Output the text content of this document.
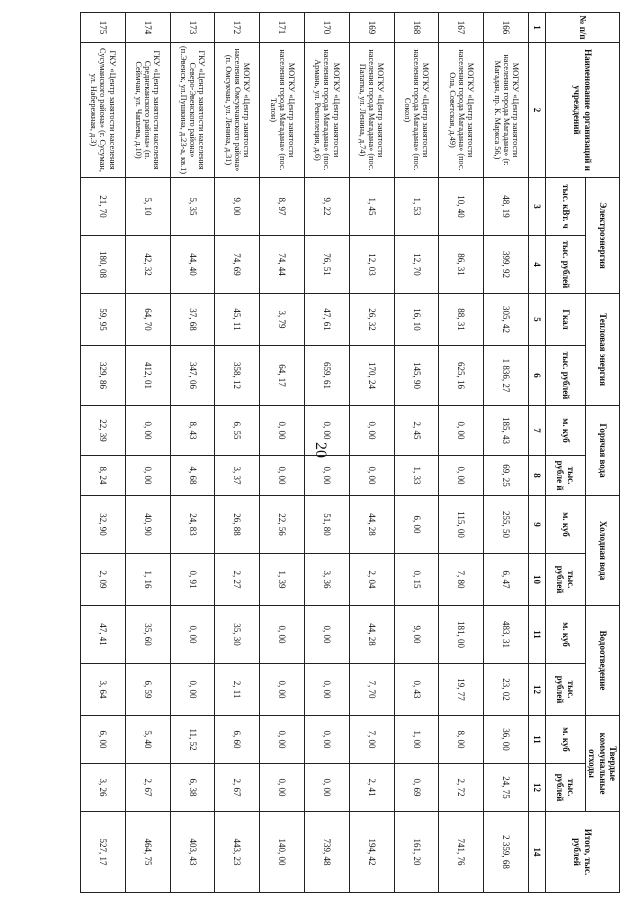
20
№ п/п	Наименование организаций и учреждений	Электроэнергия		Тепловая энергия		Горячая вода		Холодная вода		Водоотведение		Твердые коммунальные отходы		Итого, тыс. рублей
		тыс. кВт. ч	тыс. рублей	Гкал	тыс. рублей	м. куб	тыс. рубле й	м. куб	тыс. рублей	м. куб	тыс. рублей	м. куб	тыс. рублей	
1	2	3	4	5	6	7	8	9	10	11	12	11	12	14
166	МОГКУ «Центр занятости населения города Магадана» (г. Магадан, пр. К. Маркса 56,)	48, 19	399, 92	305, 42	1 836, 27	185, 43	69, 25	255, 50	6, 47	483, 31	23, 02	36, 00	24, 75	2 359, 68
167	МОГКУ «Центр занятости населения города Магадана» (пос. Ола, Советская, д.49)	10, 40	86, 31	88, 31	625, 16	0, 00	0, 00	115, 00	7, 80	181, 00	19, 77	8, 00	2, 72	741, 76
168	МОГКУ «Центр занятости населения города Магадана» (пос. Сокол)	1, 53	12, 70	16, 10	145, 90	2, 45	1, 33	6, 00	0, 15	9, 00	0, 43	1, 00	0, 69	161, 20
169	МОГКУ «Центр занятости населения города Магадана» (пос. Палатка, ул. Ленина, д.74)	1, 45	12, 03	26, 32	170, 24	0, 00	0, 00	44, 28	2, 04	44, 28	7, 70	7, 00	2, 41	194, 42
170	МОГКУ «Центр занятости населения города Магадана» (пос. Армань, ул. Рекоплеция, д.6)	9, 22	76, 51	47, 61	659, 61	0, 00	0, 00	51, 80	3, 36	0, 00	0, 00	0, 00	0, 00	739, 48
171	МОГКУ «Центр занятости населения города Магадана» (пос. Талон)	8, 97	74, 44	3, 79	64, 17	0, 00	0, 00	22, 56	1, 39	0, 00	0, 00	0, 00	0, 00	140, 00
172	МОГКУ «Центр занятости населения Омсукчанского района» (п. Омсукчан, ул. Ленина, д.31)	9, 00	74, 69	45, 11	358, 12	6, 55	3, 37	26, 88	2, 27	35, 30	2, 11	6, 60	2, 67	443, 23
173	ГКУ «Центр занятости населения Северо-Эвенского района» (п.Эвенск, ул.Пушкина, д.23-а, кв.1)	5, 35	44, 40	37, 68	347, 06	8, 43	4, 68	24, 83	0, 91	0, 00	0, 00	11, 52	6, 38	403, 43
174	ГКУ «Центр занятости населения Среднеканского района» (п. Сеймчан, ул. Чапаева, д.10)	5, 10	42, 32	64, 70	412, 01	0, 00	0, 00	40, 90	1, 16	35, 60	6, 59	5, 40	2, 67	464, 75
175	ГКУ «Центр занятости населения Сусуманского района» (г. Сусуман, ул. Набережная, д.3)	21, 70	180, 08	59, 95	329, 86	22, 39	8, 24	32, 90	2, 09	47, 41	3, 64	6, 00	3, 26	527, 17
